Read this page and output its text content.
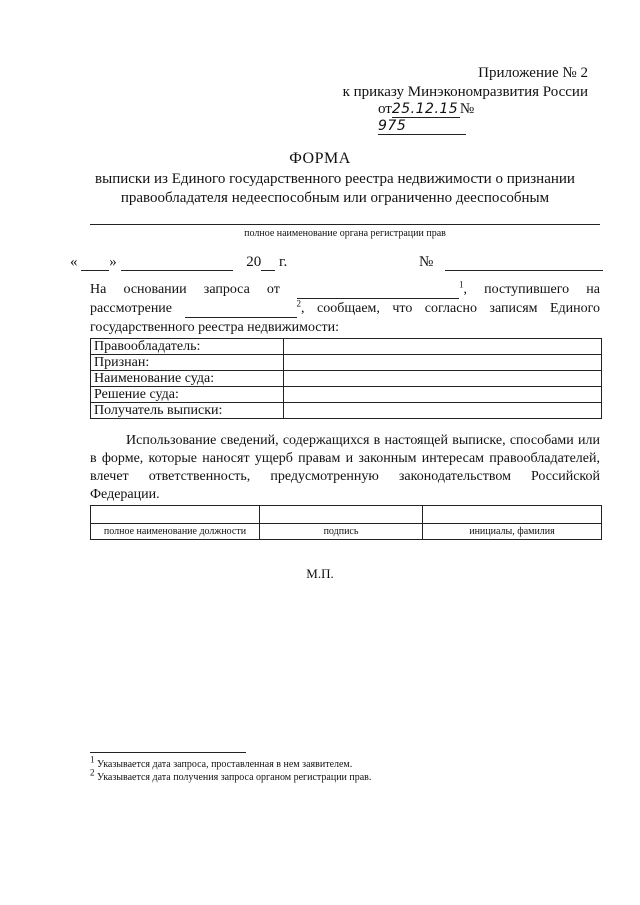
Приложение № 2
к приказу Минэкономразвития России
от25.12.15 №975
ФОРМА
выписки из Единого государственного реестра недвижимости о признании правообладателя недееспособным или ограниченно дееспособным
полное наименование органа регистрации прав
« »	20 г.	№
На основании запроса от	$^1$, поступившего на рассмотрение	$^2$, сообщаем, что согласно записям Единого государственного реестра недвижимости:
Правообладатель:	
Признан:	
Наименование суда:	
Решение суда:	
Получатель выписки:	
Использование сведений, содержащихся в настоящей выписке, способами или в форме, которые наносят ущерб правам и законным интересам правообладателей, влечет ответственность, предусмотренную законодательством Российской Федерации.

полное наименование должности	подпись	инициалы, фамилия
М.П.
1 Указывается дата запроса, проставленная в нем заявителем.
2 Указывается дата получения запроса органом регистрации прав.
